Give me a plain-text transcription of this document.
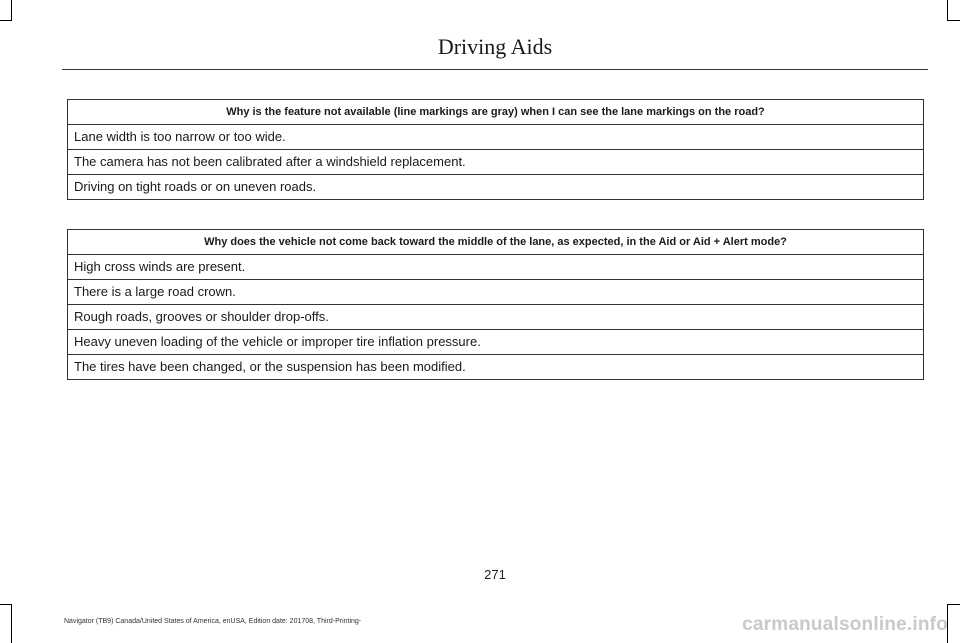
Driving Aids
Why is the feature not available (line markings are gray) when I can see the lane markings on the road?
Lane width is too narrow or too wide.
The camera has not been calibrated after a windshield replacement.
Driving on tight roads or on uneven roads.
Why does the vehicle not come back toward the middle of the lane, as expected, in the Aid or Aid + Alert mode?
High cross winds are present.
There is a large road crown.
Rough roads, grooves or shoulder drop-offs.
Heavy uneven loading of the vehicle or improper tire inflation pressure.
The tires have been changed, or the suspension has been modified.
271
Navigator (TB9) Canada/United States of America, enUSA, Edition date: 201708, Third-Printing-	carmanualsonline.info
